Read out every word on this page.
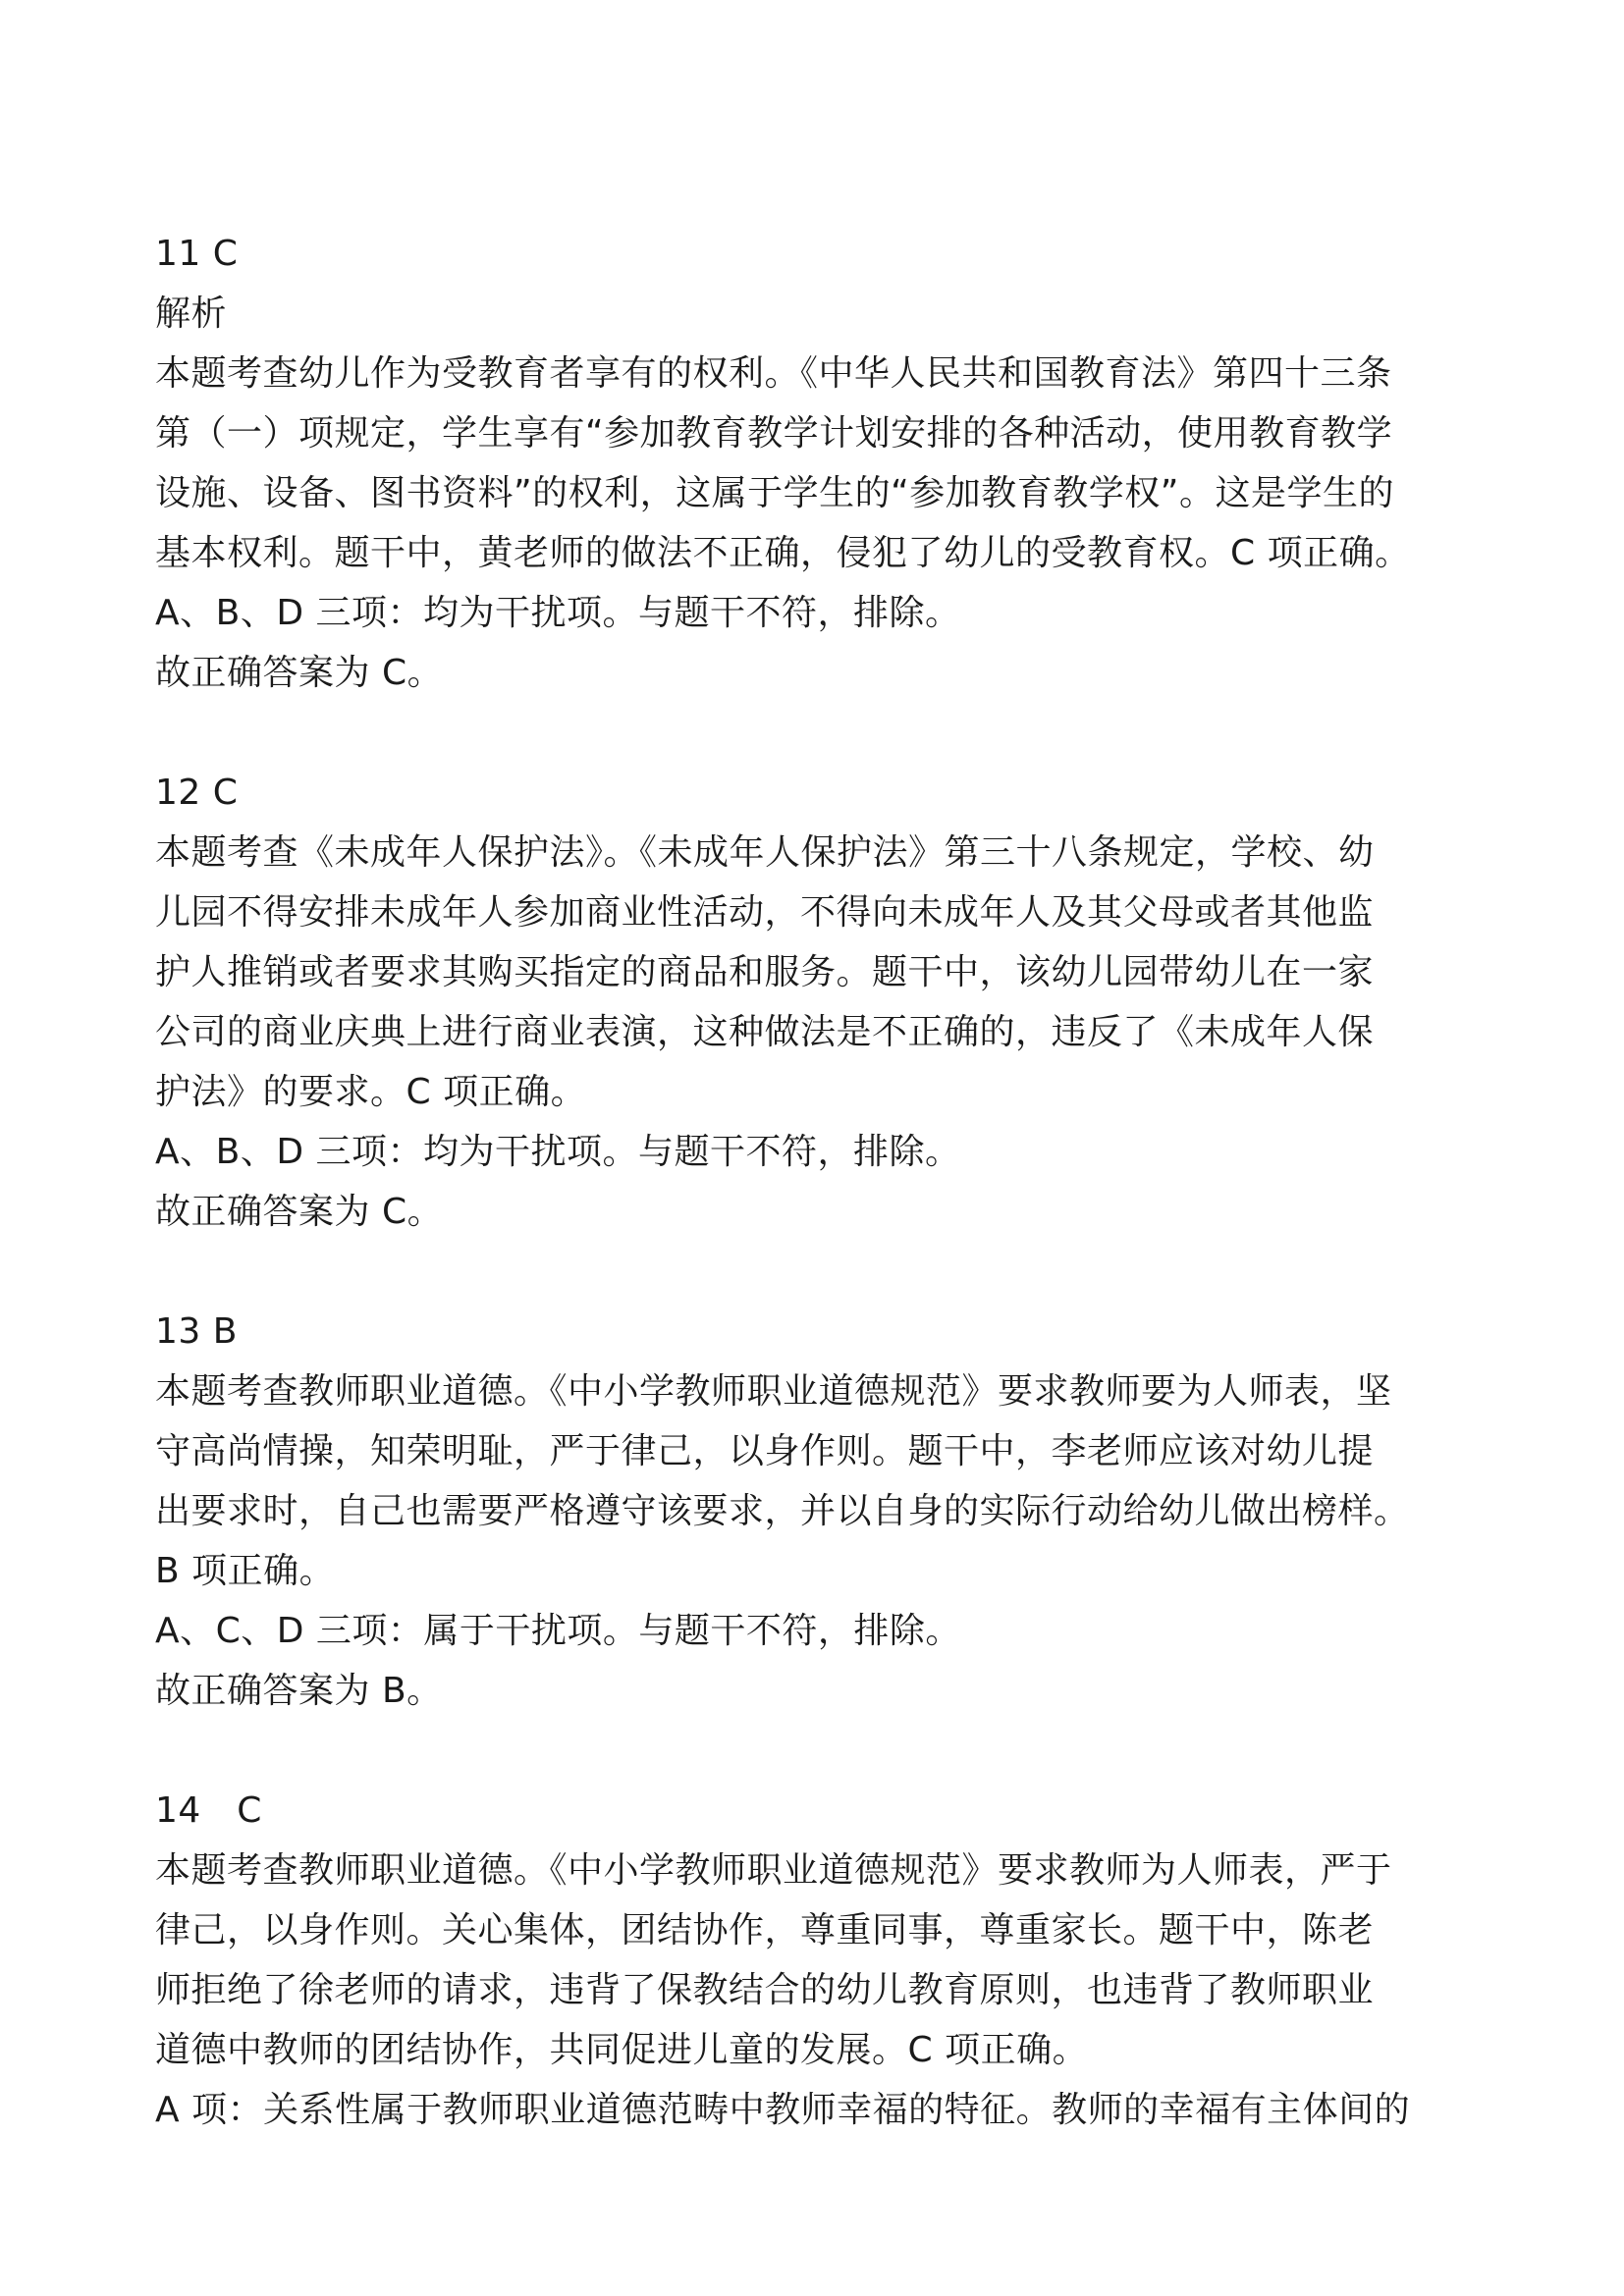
11 C
解析
本题考查幼儿作为受教育者享有的权利。《中华人民共和国教育法》第四十三条
第（一）项规定，学生享有“参加教育教学计划安排的各种活动，使用教育教学
设施、设备、图书资料”的权利，这属于学生的“参加教育教学权”。这是学生的
基本权利。题干中，黄老师的做法不正确，侵犯了幼儿的受教育权。C 项正确。
A、B、D 三项：均为干扰项。与题干不符，排除。
故正确答案为 C。
12 C
本题考查《未成年人保护法》。《未成年人保护法》第三十八条规定，学校、幼
儿园不得安排未成年人参加商业性活动，不得向未成年人及其父母或者其他监
护人推销或者要求其购买指定的商品和服务。题干中，该幼儿园带幼儿在一家
公司的商业庆典上进行商业表演，这种做法是不正确的，违反了《未成年人保
护法》的要求。C 项正确。
A、B、D 三项：均为干扰项。与题干不符，排除。
故正确答案为 C。
13 B
本题考查教师职业道德。《中小学教师职业道德规范》要求教师要为人师表，坚
守高尚情操，知荣明耻，严于律己，以身作则。题干中，李老师应该对幼儿提
出要求时，自己也需要严格遵守该要求，并以自身的实际行动给幼儿做出榜样。
B 项正确。
A、C、D 三项：属于干扰项。与题干不符，排除。
故正确答案为 B。
14　C
本题考查教师职业道德。《中小学教师职业道德规范》要求教师为人师表，严于
律己，以身作则。关心集体，团结协作，尊重同事，尊重家长。题干中，陈老
师拒绝了徐老师的请求，违背了保教结合的幼儿教育原则，也违背了教师职业
道德中教师的团结协作，共同促进儿童的发展。C 项正确。
A 项：关系性属于教师职业道德范畴中教师幸福的特征。教师的幸福有主体间的
